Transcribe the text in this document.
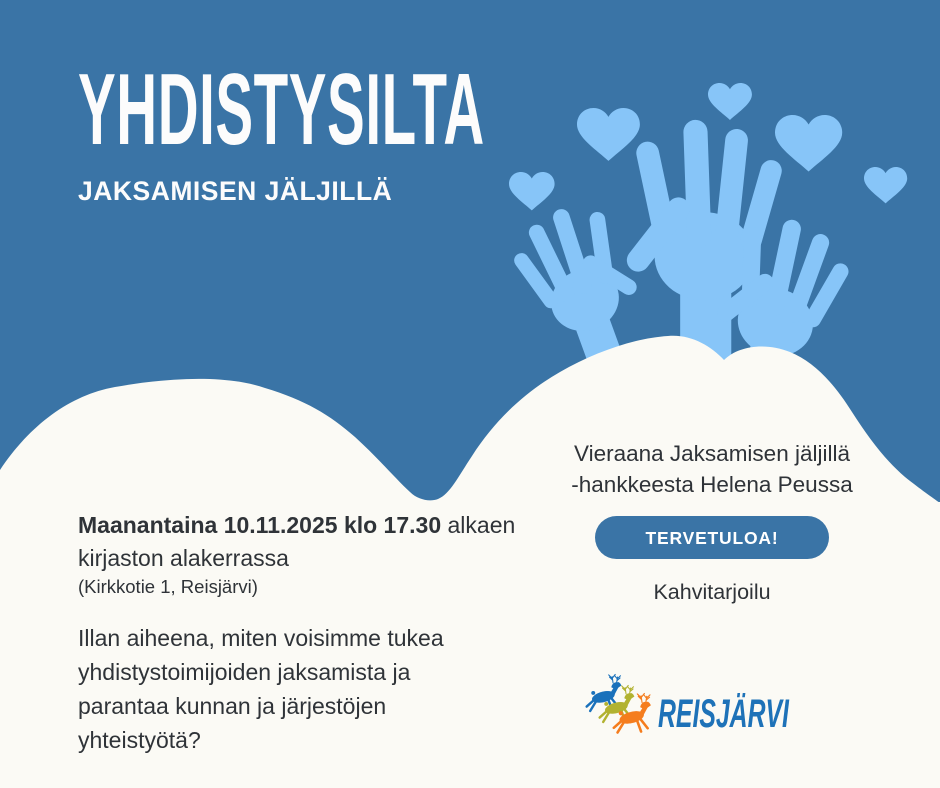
YHDISTYSILTA
JAKSAMISEN JÄLJILLÄ
Maanantaina 10.11.2025 klo 17.30 alkaen
kirjaston alakerrassa
(Kirkkotie 1, Reisjärvi)
Illan aiheena, miten voisimme tukea
yhdistystoimijoiden jaksamista ja
parantaa kunnan ja järjestöjen
yhteistyötä?
Vieraana Jaksamisen jäljillä
-hankkeesta Helena Peussa
TERVETULOA!
Kahvitarjoilu
REISJÄRVI
